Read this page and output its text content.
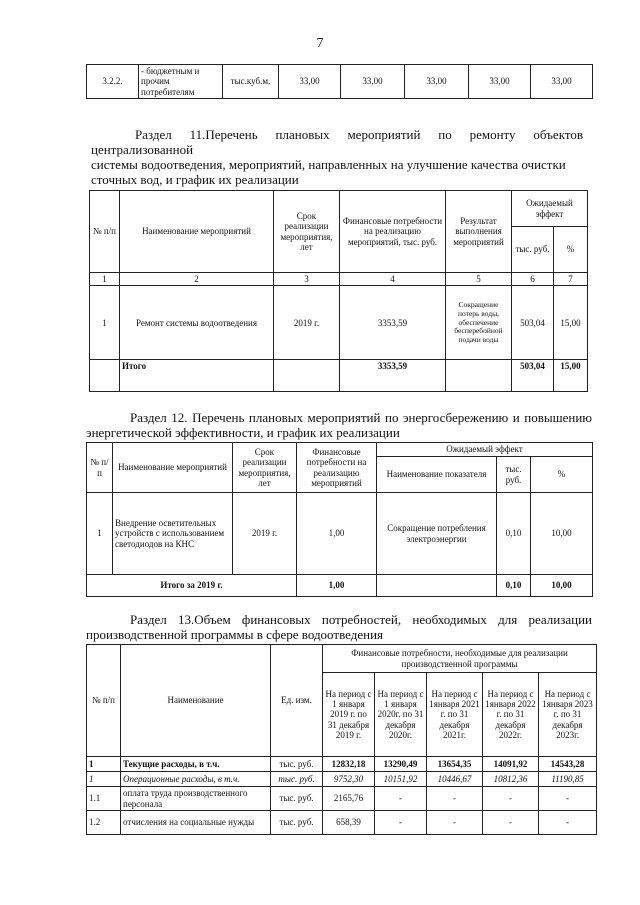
7
3.2.2.	- бюджетным и прочим потребителям	тыс.куб.м.	33,00	33,00	33,00	33,00	33,00
Раздел 11.Перечень плановых мероприятий по ремонту объектов централизованной
системы водоотведения, мероприятий, направленных на улучшение качества очистки
сточных вод, и график их реализации
№ п/п	Наименование мероприятий	Срок реализации мероприятия, лет	Финансовые потребности на реализацию мероприятий, тыс. руб.	Результат выполнения мероприятий	Ожидаемый эффект	
					тыс. руб.	%
1	2	3	4	5	6	7
1	Ремонт системы водоотведения	2019 г.	3353,59	Сокращение потерь воды, обеспечение бесперебойной подачи воды	503,04	15,00
	Итого		3353,59		503,04	15,00
Раздел 12. Перечень плановых мероприятий по энергосбережению и повышению
энергетической эффективности, и график их реализации
№ п/п	Наименование мероприятий	Срок реализации мероприятия, лет	Финансовые потребности на реализацию мероприятий	Ожидаемый эффект		
				Наименование показателя	тыс. руб.	%
1	Внедрение осветительных устройств с использованием светодиодов на КНС	2019 г.	1,00	Сокращение потребления электроэнергии	0,10	10,00
Итого за 2019 г.			1,00		0,10	10,00
Раздел 13.Объем финансовых потребностей, необходимых для реализации
производственной программы в сфере водоотведения
№ п/п	Наименование	Ед. изм.	Финансовые потребности, необходимые для реализации производственной программы				
			На период с 1 января 2019 г. по 31 декабря 2019 г.	На период с 1 января 2020г. по 31 декабря 2020г.	На период с 1января 2021 г. по 31 декабря 2021г.	На период с 1января 2022 г. по 31 декабря 2022г.	На период с 1января 2023 г. по 31 декабря 2023г.
1	Текущие расходы, в т.ч.	тыс. руб.	12832,18	13290,49	13654,35	14091,92	14543,28
1	Операционные расходы, в т.ч.	тыс. руб.	9752,30	10151,92	10446,67	10812,36	11190,85
1.1	оплата труда производственного персонала	тыс. руб.	2165,76	-	-	-	-
1.2	отчисления на социальные нужды	тыс. руб.	658,39	-	-	-	-
